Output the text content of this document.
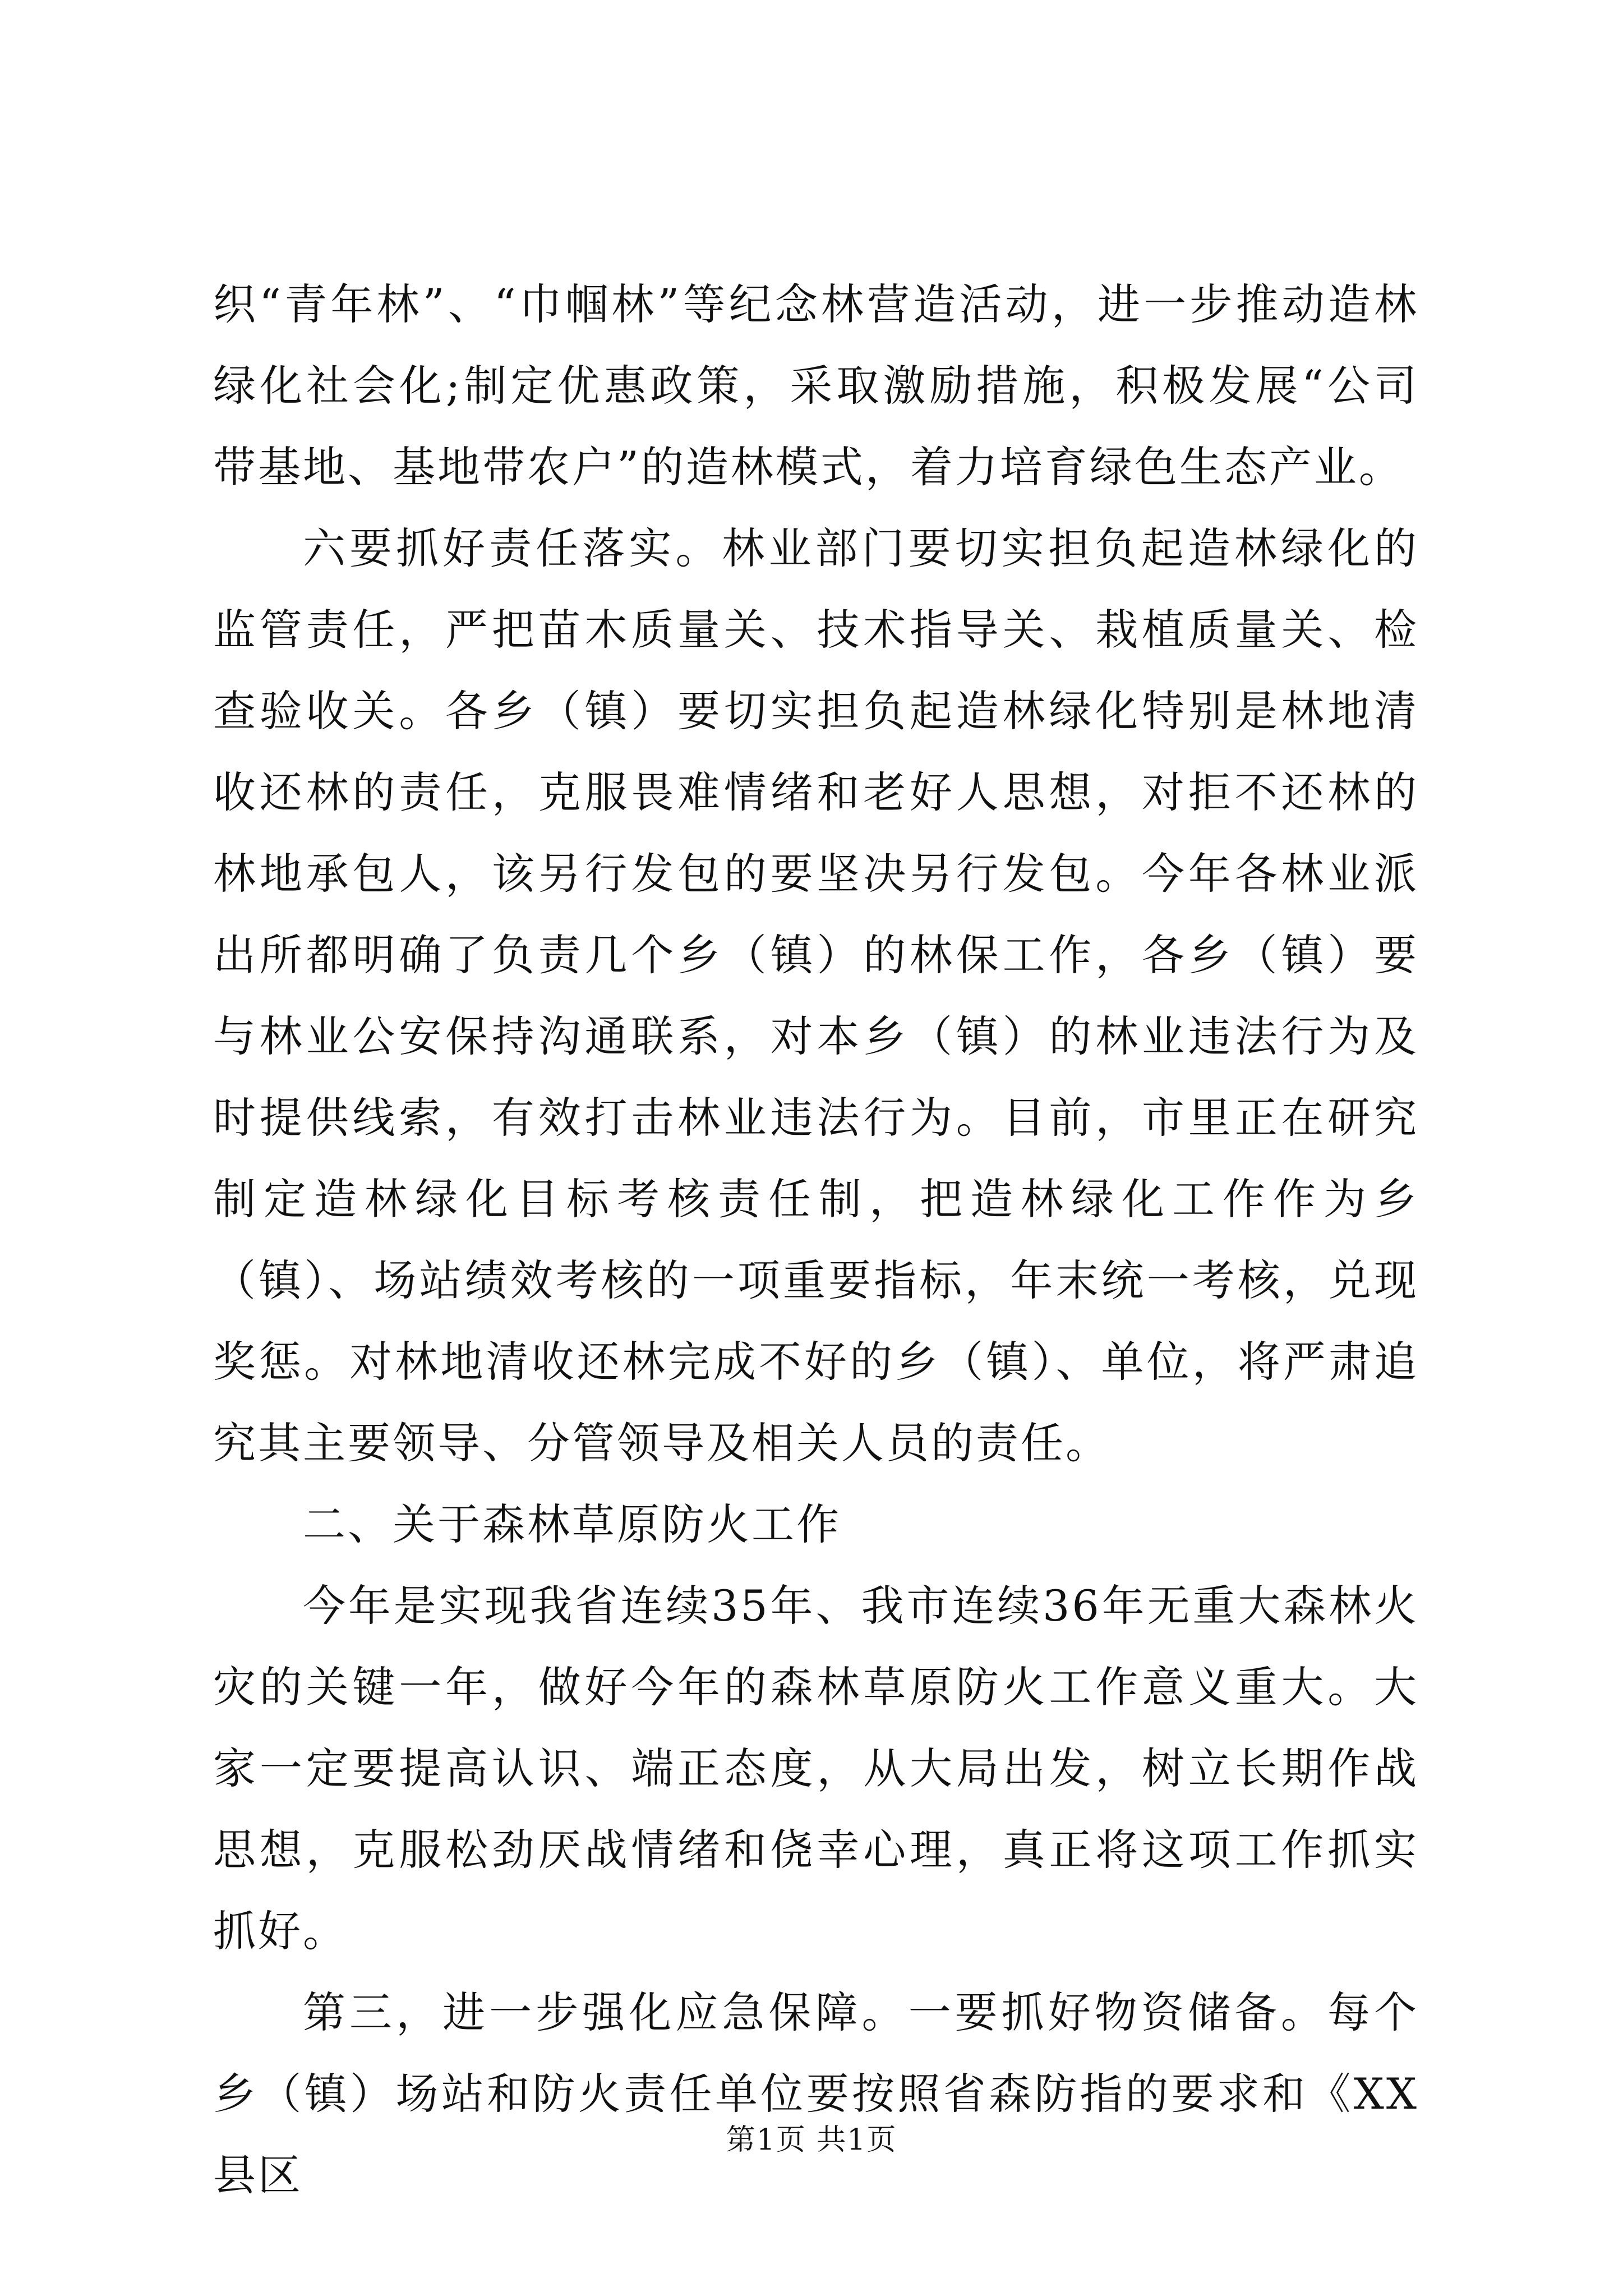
织“青年林”、“巾帼林”等纪念林营造活动，进一步推动造林绿化社会化;制定优惠政策，采取激励措施，积极发展“公司带基地、基地带农户”的造林模式，着力培育绿色生态产业。

六要抓好责任落实。林业部门要切实担负起造林绿化的监管责任，严把苗木质量关、技术指导关、栽植质量关、检查验收关。各乡（镇）要切实担负起造林绿化特别是林地清收还林的责任，克服畏难情绪和老好人思想，对拒不还林的林地承包人，该另行发包的要坚决另行发包。今年各林业派出所都明确了负责几个乡（镇）的林保工作，各乡（镇）要与林业公安保持沟通联系，对本乡（镇）的林业违法行为及时提供线索，有效打击林业违法行为。目前，市里正在研究制定造林绿化目标考核责任制，把造林绿化工作作为乡（镇）、场站绩效考核的一项重要指标，年末统一考核，兑现奖惩。对林地清收还林完成不好的乡（镇）、单位，将严肃追究其主要领导、分管领导及相关人员的责任。

二、关于森林草原防火工作

今年是实现我省连续35年、我市连续36年无重大森林火灾的关键一年，做好今年的森林草原防火工作意义重大。大家一定要提高认识、端正态度，从大局出发，树立长期作战思想，克服松劲厌战情绪和侥幸心理，真正将这项工作抓实抓好。

第三，进一步强化应急保障。一要抓好物资储备。每个乡（镇）场站和防火责任单位要按照省森防指的要求和《XX县区

第1页 共1页
